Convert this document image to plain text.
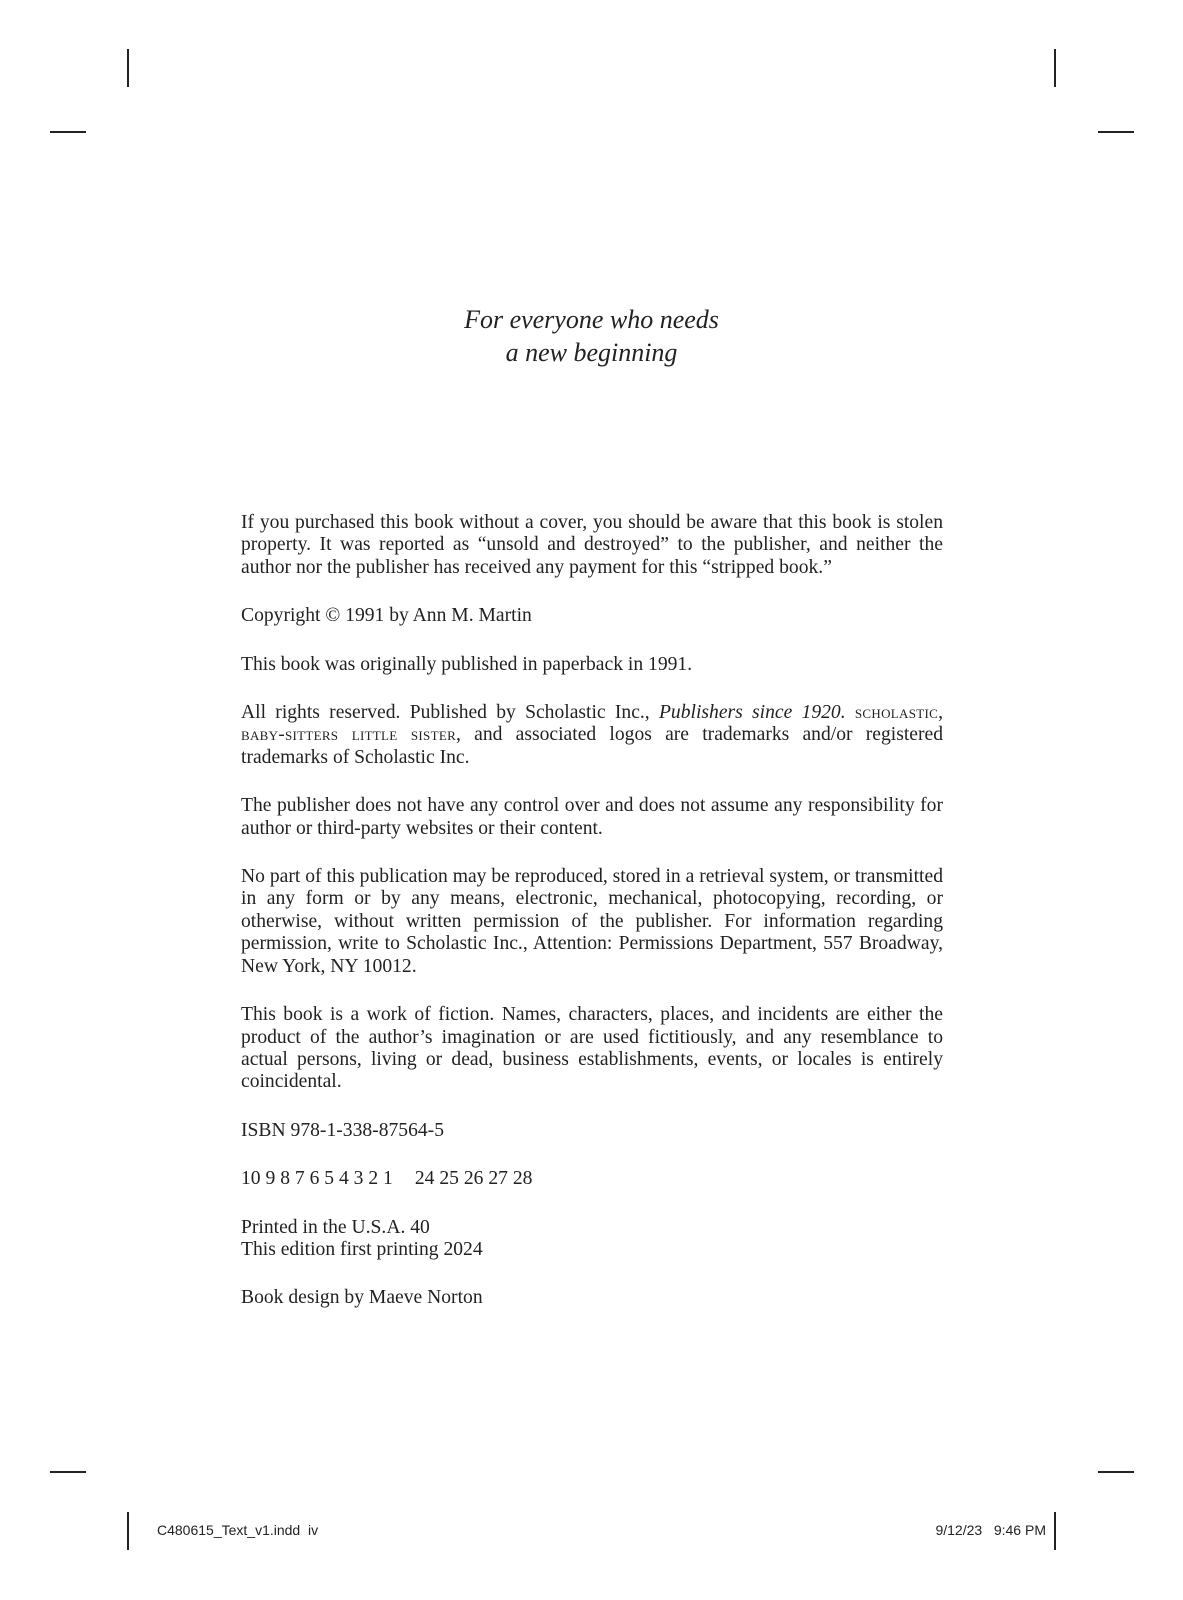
For everyone who needs
a new beginning

If you purchased this book without a cover, you should be aware that this book is stolen property. It was reported as “unsold and destroyed” to the publisher, and neither the author nor the publisher has received any payment for this “stripped book.”

Copyright © 1991 by Ann M. Martin

This book was originally published in paperback in 1991.

All rights reserved. Published by Scholastic Inc., Publishers since 1920. scholastic, baby-sitters little sister, and associated logos are trademarks and/or registered trademarks of Scholastic Inc.

The publisher does not have any control over and does not assume any responsibility for author or third-party websites or their content.

No part of this publication may be reproduced, stored in a retrieval system, or transmitted in any form or by any means, electronic, mechanical, photocopying, recording, or otherwise, without written permission of the publisher. For information regarding permission, write to Scholastic Inc., Attention: Permissions Department, 557 Broadway, New York, NY 10012.

This book is a work of fiction. Names, characters, places, and incidents are either the product of the author’s imagination or are used fictitiously, and any resemblance to actual persons, living or dead, business establishments, events, or locales is entirely coincidental.

ISBN 978-1-338-87564-5

10 9 8 7 6 5 4 3 2 1 24 25 26 27 28

Printed in the U.S.A. 40
This edition first printing 2024

Book design by Maeve Norton

C480615_Text_v1.indd  iv	9/12/23   9:46 PM
